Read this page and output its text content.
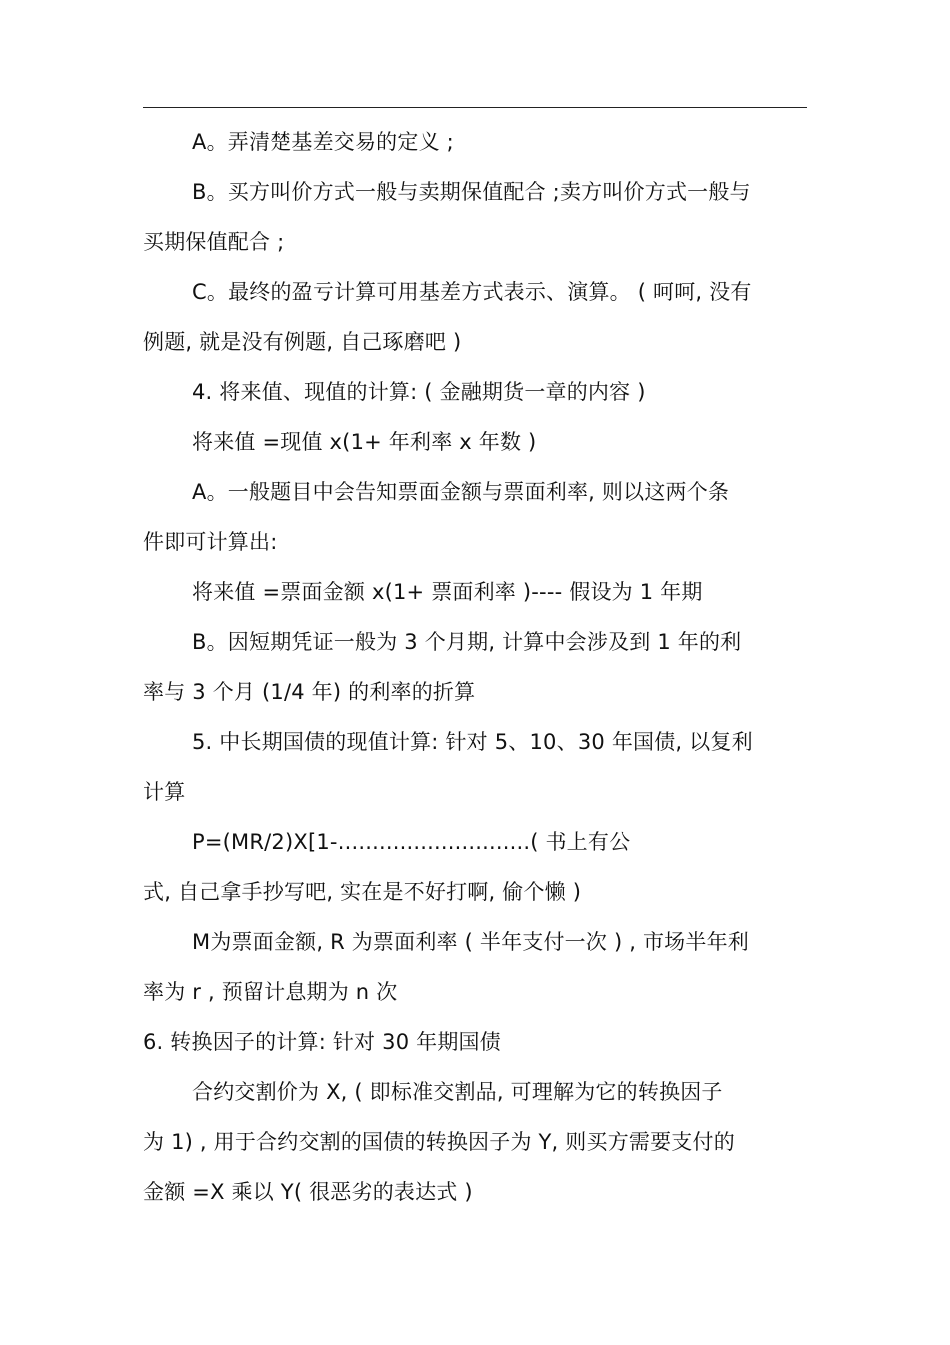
A。弄清楚基差交易的定义 ;
B。买方叫价方式一般与卖期保值配合 ;卖方叫价方式一般与
买期保值配合 ;
C。最终的盈亏计算可用基差方式表示、演算。 ( 呵呵, 没有
例题, 就是没有例题, 自己琢磨吧 )
4. 将来值、现值的计算: ( 金融期货一章的内容 )
将来值 =现值 x(1+ 年利率 x 年数 )
A。一般题目中会告知票面金额与票面利率, 则以这两个条
件即可计算出:
将来值 =票面金额 x(1+ 票面利率 )---- 假设为 1 年期
B。因短期凭证一般为 3 个月期, 计算中会涉及到 1 年的利
率与 3 个月 (1/4 年) 的利率的折算
5. 中长期国债的现值计算: 针对 5、10、30 年国债, 以复利
计算
P=(MR/2)X[1-............................( 书上有公
式, 自己拿手抄写吧, 实在是不好打啊, 偷个懒 )
M为票面金额, R 为票面利率 ( 半年支付一次 ) , 市场半年利
率为 r , 预留计息期为 n 次
6. 转换因子的计算: 针对 30 年期国债
合约交割价为 X, ( 即标准交割品, 可理解为它的转换因子
为 1) , 用于合约交割的国债的转换因子为 Y, 则买方需要支付的
金额 =X 乘以 Y( 很恶劣的表达式 )
